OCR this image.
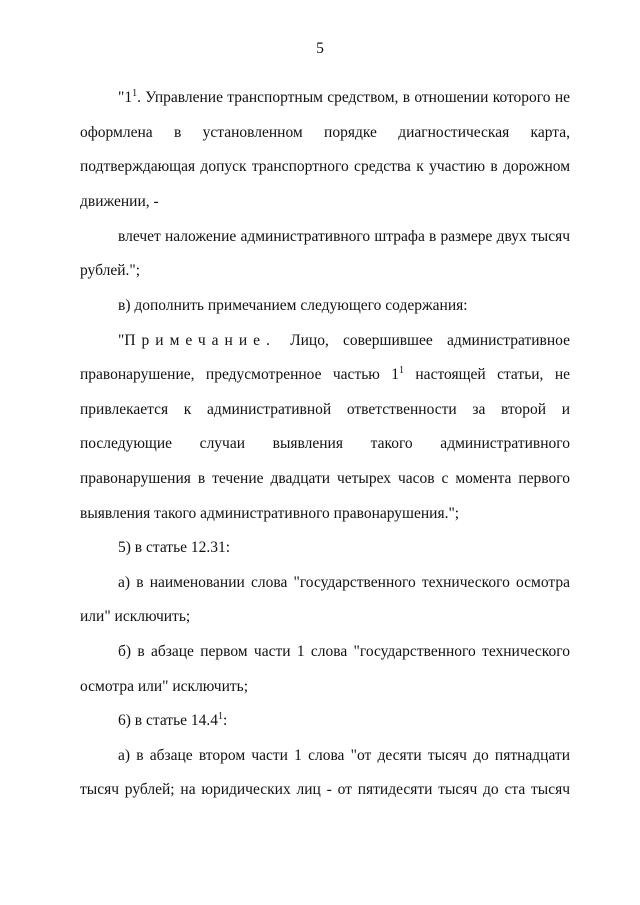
5
"$1^1$. Управление транспортным средством, в отношении которого не
оформлена в установленном порядке диагностическая карта,
подтверждающая допуск транспортного средства к участию в дорожном
движении, -
влечет наложение административного штрафа в размере двух тысяч
рублей.";
в) дополнить примечанием следующего содержания:
"Примечание. Лицо, совершившее административное
правонарушение, предусмотренное частью $1^1$ настоящей статьи, не
привлекается к административной ответственности за второй и
последующие случаи выявления такого административного
правонарушения в течение двадцати четырех часов с момента первого
выявления такого административного правонарушения.";
5) в статье 12.31:
а) в наименовании слова "государственного технического осмотра
или" исключить;
б) в абзаце первом части 1 слова "государственного технического
осмотра или" исключить;
6) в статье 14.4$^1$:
а) в абзаце втором части 1 слова "от десяти тысяч до пятнадцати
тысяч рублей; на юридических лиц - от пятидесяти тысяч до ста тысяч
